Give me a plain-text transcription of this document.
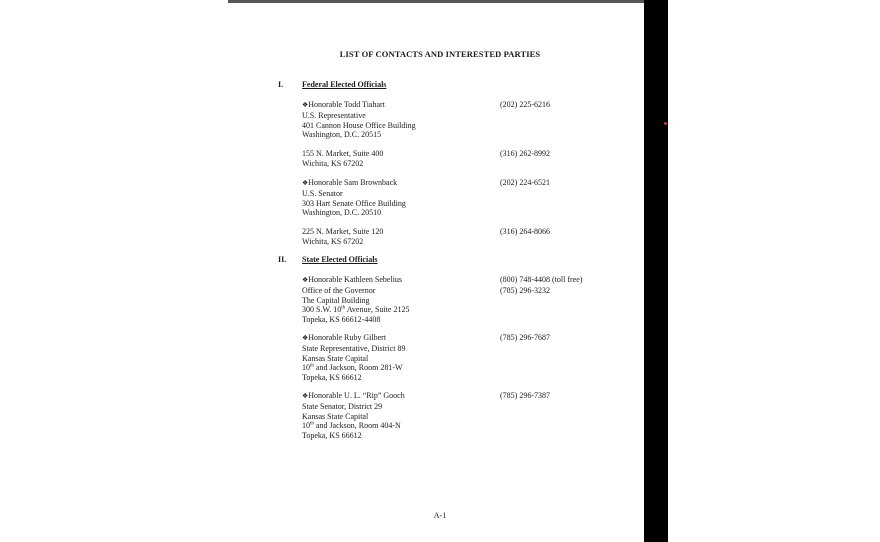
LIST OF CONTACTS AND INTERESTED PARTIES
I. Federal Elected Officials
❖Honorable Todd Tiahart	(202) 225-6216
U.S. Representative
401 Cannon House Office Building
Washington, D.C. 20515
155 N. Market, Suite 400	(316) 262-8992
Wichita, KS 67202
❖Honorable Sam Brownback	(202) 224-6521
U.S. Senator
303 Hart Senate Office Building
Washington, D.C. 20510
225 N. Market, Suite 120	(316) 264-8066
Wichita, KS 67202
II. State Elected Officials
❖Honorable Kathleen Sebelius	(800) 748-4408 (toll free)
Office of the Governor	(785) 296-3232
The Capital Building
300 S.W. 10th Avenue, Suite 2125
Topeka, KS 66612-4408
❖Honorable Ruby Gilbert	(785) 296-7687
State Representative, District 89
Kansas State Capital
10th and Jackson, Room 281-W
Topeka, KS 66612
❖Honorable U. L. “Rip” Gooch	(785) 296-7387
State Senator, District 29
Kansas State Capital
10th and Jackson, Room 404-N
Topeka, KS 66612
A-1
